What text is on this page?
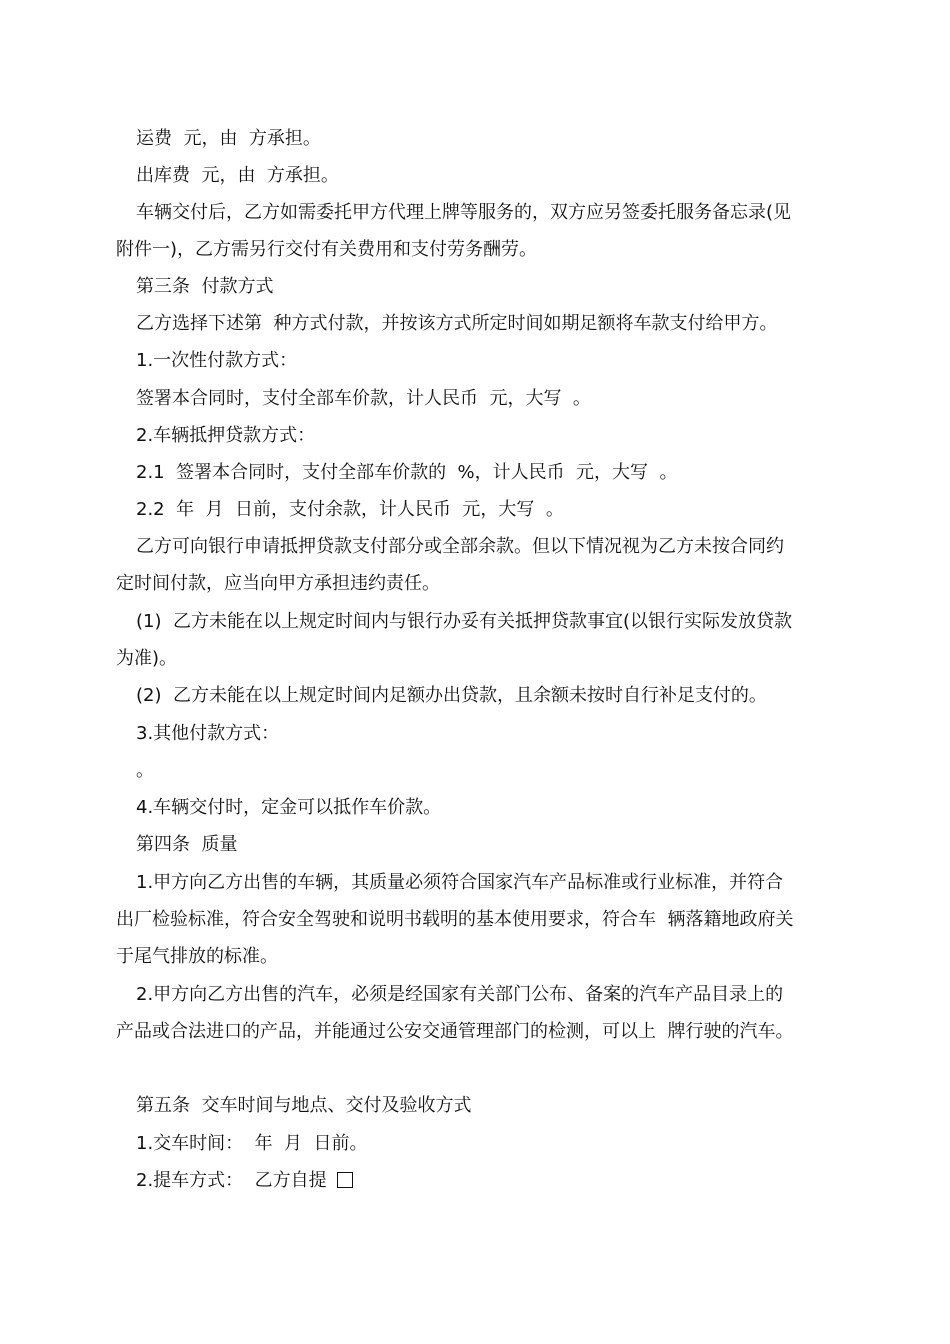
运费  元，由  方承担。
出库费  元，由  方承担。
车辆交付后，乙方如需委托甲方代理上牌等服务的，双方应另签委托服务备忘录(见
附件一)，乙方需另行交付有关费用和支付劳务酬劳。
第三条  付款方式
乙方选择下述第  种方式付款，并按该方式所定时间如期足额将车款支付给甲方。
1.一次性付款方式：
签署本合同时，支付全部车价款，计人民币  元，大写  。
2.车辆抵押贷款方式：
2.1  签署本合同时，支付全部车价款的  %，计人民币  元，大写  。
2.2  年  月  日前，支付余款，计人民币  元，大写  。
乙方可向银行申请抵押贷款支付部分或全部余款。但以下情况视为乙方未按合同约
定时间付款，应当向甲方承担违约责任。
(1)  乙方未能在以上规定时间内与银行办妥有关抵押贷款事宜(以银行实际发放贷款
为准)。
(2)  乙方未能在以上规定时间内足额办出贷款，且余额未按时自行补足支付的。
3.其他付款方式：
。
4.车辆交付时，定金可以抵作车价款。
第四条  质量
1.甲方向乙方出售的车辆，其质量必须符合国家汽车产品标准或行业标准，并符合
出厂检验标准，符合安全驾驶和说明书载明的基本使用要求，符合车  辆落籍地政府关
于尾气排放的标准。
2.甲方向乙方出售的汽车，必须是经国家有关部门公布、备案的汽车产品目录上的
产品或合法进口的产品，并能通过公安交通管理部门的检测，可以上  牌行驶的汽车。
第五条  交车时间与地点、交付及验收方式
1.交车时间：  年  月  日前。
2.提车方式：  乙方自提
